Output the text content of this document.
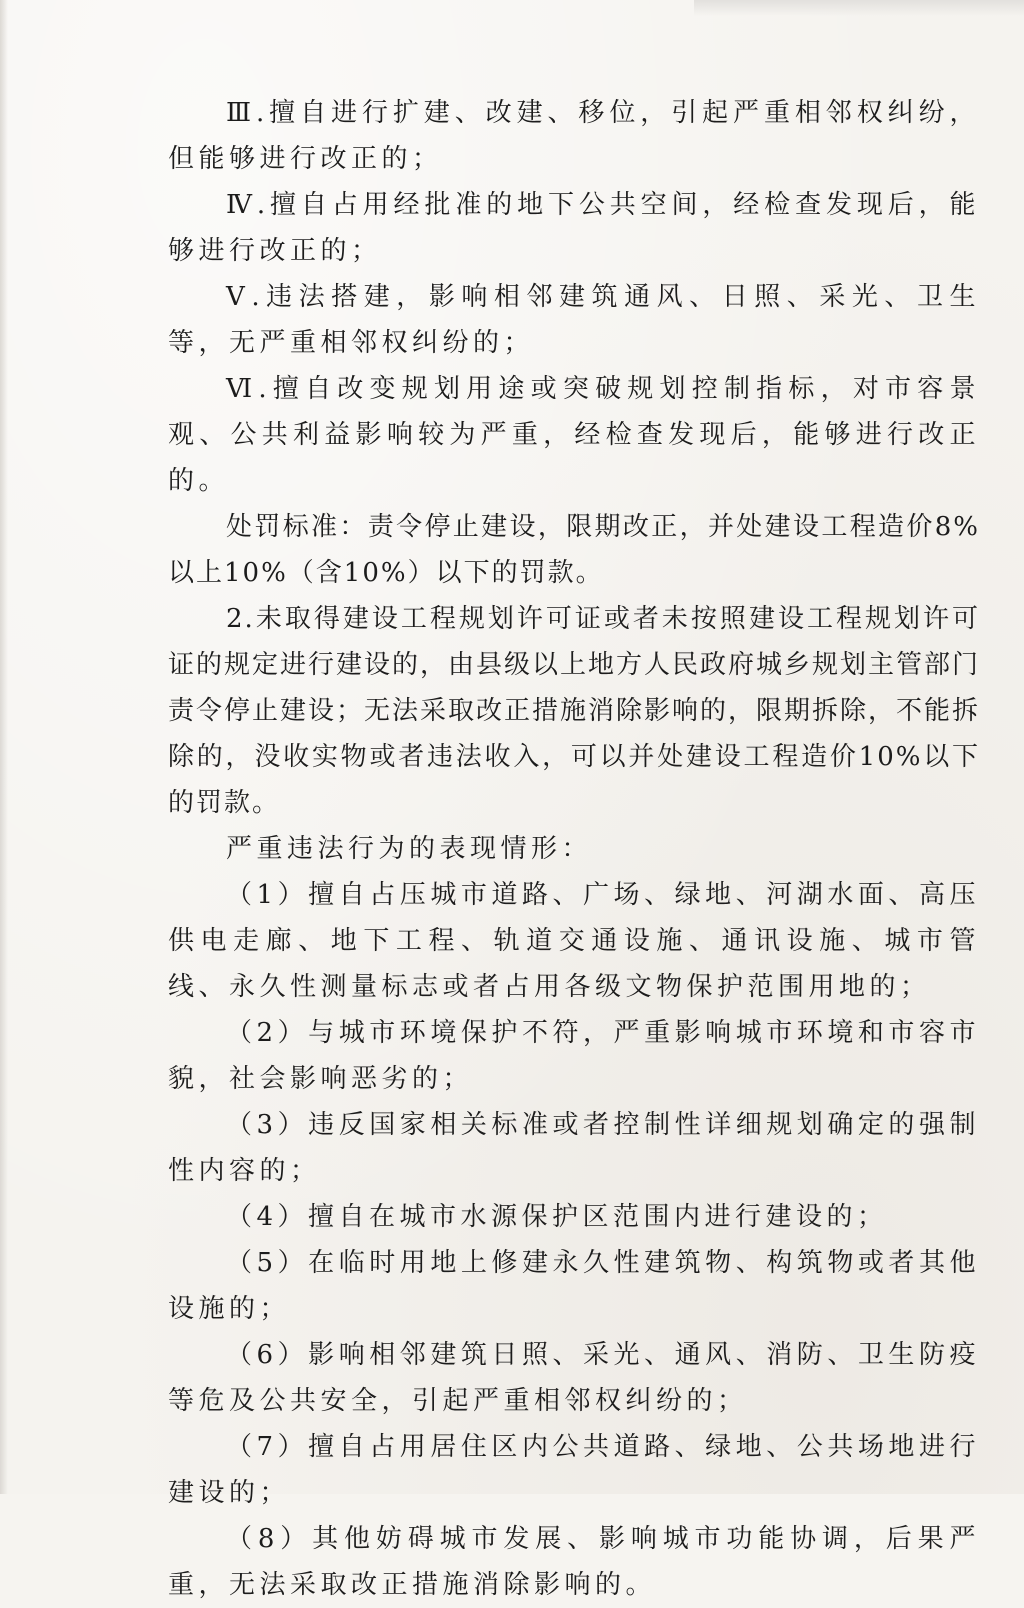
Ⅲ.擅自进行扩建、改建、移位，引起严重相邻权纠纷，但能够进行改正的；

Ⅳ.擅自占用经批准的地下公共空间，经检查发现后，能够进行改正的；

Ⅴ.违法搭建，影响相邻建筑通风、日照、采光、卫生等，无严重相邻权纠纷的；

Ⅵ.擅自改变规划用途或突破规划控制指标，对市容景观、公共利益影响较为严重，经检查发现后，能够进行改正的。

处罚标准：责令停止建设，限期改正，并处建设工程造价8%以上10%（含10%）以下的罚款。

2.未取得建设工程规划许可证或者未按照建设工程规划许可证的规定进行建设的，由县级以上地方人民政府城乡规划主管部门责令停止建设；无法采取改正措施消除影响的，限期拆除，不能拆除的，没收实物或者违法收入，可以并处建设工程造价10%以下的罚款。

严重违法行为的表现情形：

（1）擅自占压城市道路、广场、绿地、河湖水面、高压供电走廊、地下工程、轨道交通设施、通讯设施、城市管线、永久性测量标志或者占用各级文物保护范围用地的；

（2）与城市环境保护不符，严重影响城市环境和市容市貌，社会影响恶劣的；

（3）违反国家相关标准或者控制性详细规划确定的强制性内容的；

（4）擅自在城市水源保护区范围内进行建设的；

（5）在临时用地上修建永久性建筑物、构筑物或者其他设施的；

（6）影响相邻建筑日照、采光、通风、消防、卫生防疫等危及公共安全，引起严重相邻权纠纷的；

（7）擅自占用居住区内公共道路、绿地、公共场地进行建设的；

（8）其他妨碍城市发展、影响城市功能协调，后果严重，无法采取改正措施消除影响的。
